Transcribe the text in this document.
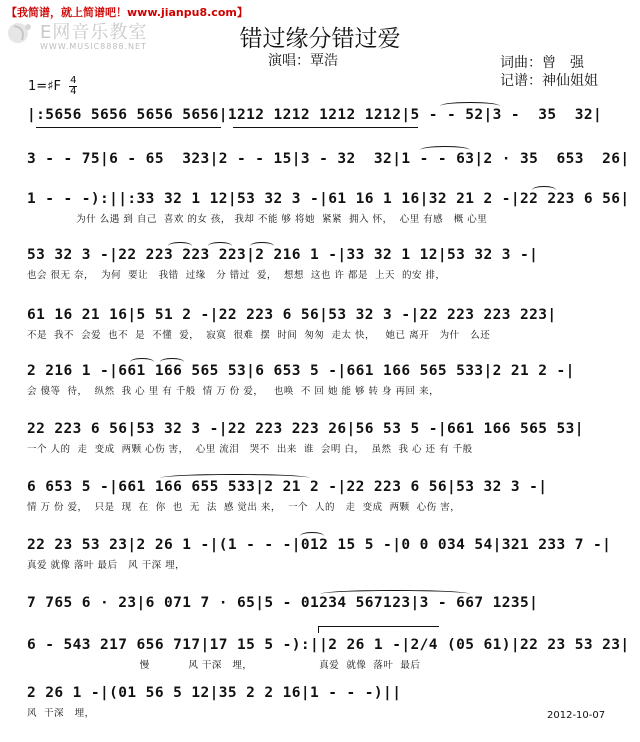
【我简谱，就上简谱吧！www.jianpu8.com】
E网音乐教室
WWW.MUSIC8888.NET	错过缘分错过爱
演唱：覃浩	词曲：曾　强
记谱：神仙姐姐
1=♯F $\frac{4}{4}$
|:5656 5656 5656 5656|1212 1212 1212 1212|5 - - 52|3 -  35  32|
3 - - 75|6 - 65  323|2 - - 15|3 - 32  32|1 - - 63|2 · 35  653  26|
1 - - -):||:33 32 1 12|53 32 3 -|61 16 1 16|32 21 2 -|22 223 6 56|
为什 么遇 到 自己  喜欢 的女 孩， 我却 不能 够 将她  紧紧  拥入 怀，  心里 有感   概 心里
53 32 3 -|22 223 223 223|2 216 1 -|33 32 1 12|53 32 3 -|
也会 很无 奈，  为何  要让   我错  过缘   分 错过  爱，  想想  这也 许 都是  上天  的安 排，
61 16 21 16|5 51 2 -|22 223 6 56|53 32 3 -|22 223 223 223|
不是  我不  会爱  也不  是  不懂  爱，  寂寞  很难  摆  时间  匆匆  走太 快，   她已 离开   为什   么还
2 216 1 -|661 166 565 53|6 653 5 -|661 166 565 533|2 21 2 -|
会 傻等  待，  纵然  我 心 里 有 千般  情 万 份 爱，   也唤  不 回 她 能 够 转 身 再回 来，
22 223 6 56|53 32 3 -|22 223 223 26|56 53 5 -|661 166 565 53|
一个 人的  走  变成  两颗 心伤 害，  心里 流泪   哭不  出来  谁  会明 白，  虽然  我 心 还 有 千般
6 653 5 -|661 166 655 533|2 21 2 -|22 223 6 56|53 32 3 -|
情 万 份 爱，  只是  现  在  你  也  无  法  感 觉出 来，  一个  人的   走  变成  两颗  心伤 害，
22 23 53 23|2 26 1 -|(1 - - -|012 15 5 -|0 0 034 54|321 233 7 -|
真爱 就像 落叶 最后   风 干深 埋，
7 765 6 · 23|6 071 7 · 65|5 - 01234 567123|3 - 667 1235|
6 - 543 217 656 717|17 15 5 -):||2 26 1 -|2/4 (05 61)|22 23 53 23|
慢           风 干深   埋，                   真爱  就像  落叶  最后
2 26 1 -|(01 56 5 12|35 2 2 16|1 - - -)||
风  干深   埋，	2012-10-07
